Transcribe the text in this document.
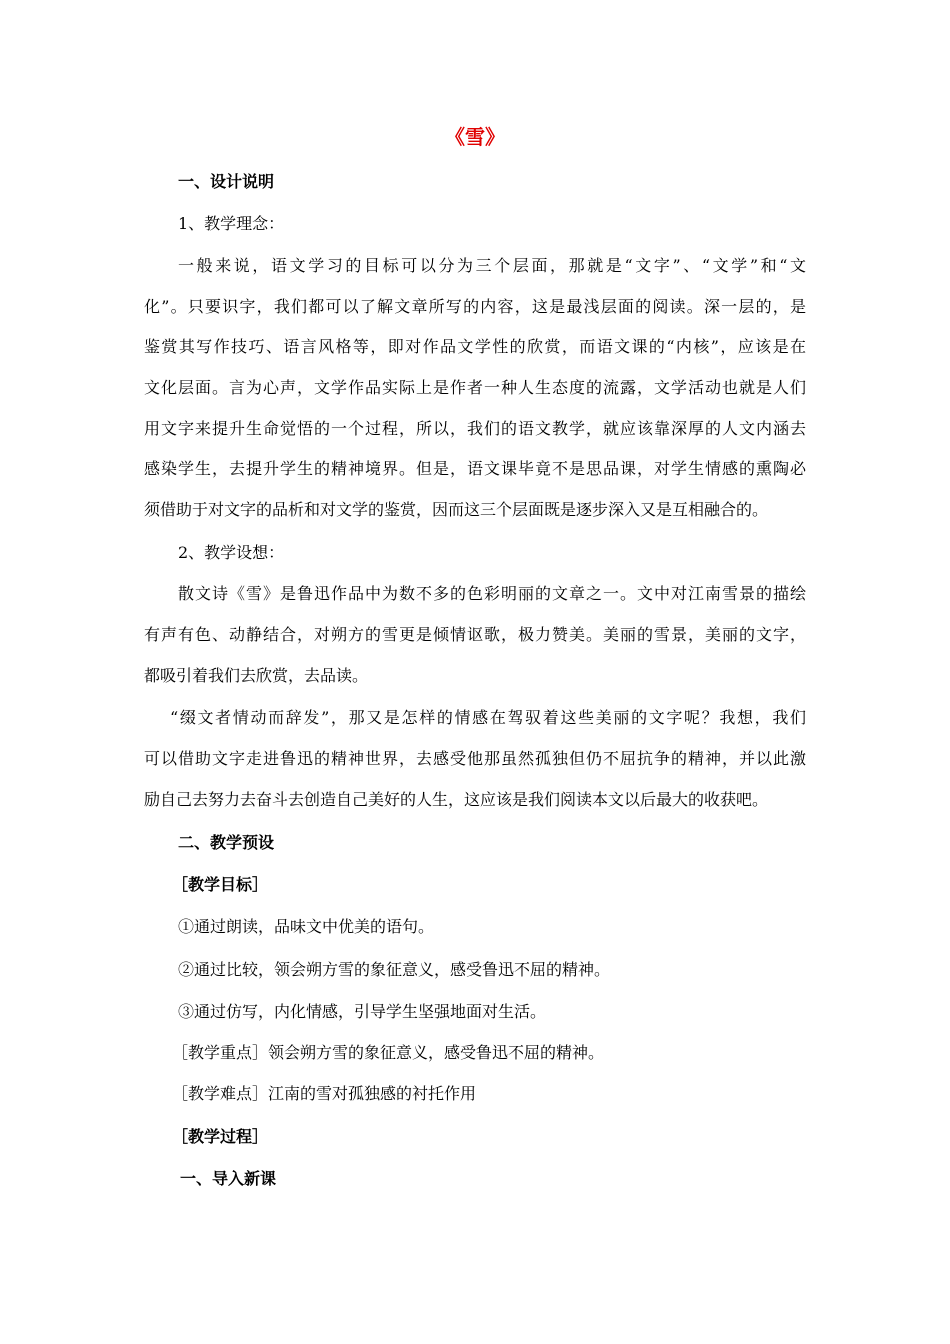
《雪》
一、设计说明
1、教学理念：
一般来说，语文学习的目标可以分为三个层面，那就是“文字”、“文学”和“文
化”。只要识字，我们都可以了解文章所写的内容，这是最浅层面的阅读。深一层的，是
鉴赏其写作技巧、语言风格等，即对作品文学性的欣赏，而语文课的“内核”，应该是在
文化层面。言为心声，文学作品实际上是作者一种人生态度的流露，文学活动也就是人们
用文字来提升生命觉悟的一个过程，所以，我们的语文教学，就应该靠深厚的人文内涵去
感染学生，去提升学生的精神境界。但是，语文课毕竟不是思品课，对学生情感的熏陶必
须借助于对文字的品析和对文学的鉴赏，因而这三个层面既是逐步深入又是互相融合的。
2、教学设想：
散文诗《雪》是鲁迅作品中为数不多的色彩明丽的文章之一。文中对江南雪景的描绘
有声有色、动静结合，对朔方的雪更是倾情讴歌，极力赞美。美丽的雪景，美丽的文字，
都吸引着我们去欣赏，去品读。
“缀文者情动而辞发”，那又是怎样的情感在驾驭着这些美丽的文字呢？我想，我们
可以借助文字走进鲁迅的精神世界，去感受他那虽然孤独但仍不屈抗争的精神，并以此激
励自己去努力去奋斗去创造自己美好的人生，这应该是我们阅读本文以后最大的收获吧。
二、教学预设
［教学目标］
①通过朗读，品味文中优美的语句。
②通过比较，领会朔方雪的象征意义，感受鲁迅不屈的精神。
③通过仿写，内化情感，引导学生坚强地面对生活。
［教学重点］领会朔方雪的象征意义，感受鲁迅不屈的精神。
［教学难点］江南的雪对孤独感的衬托作用
［教学过程］
一、导入新课
